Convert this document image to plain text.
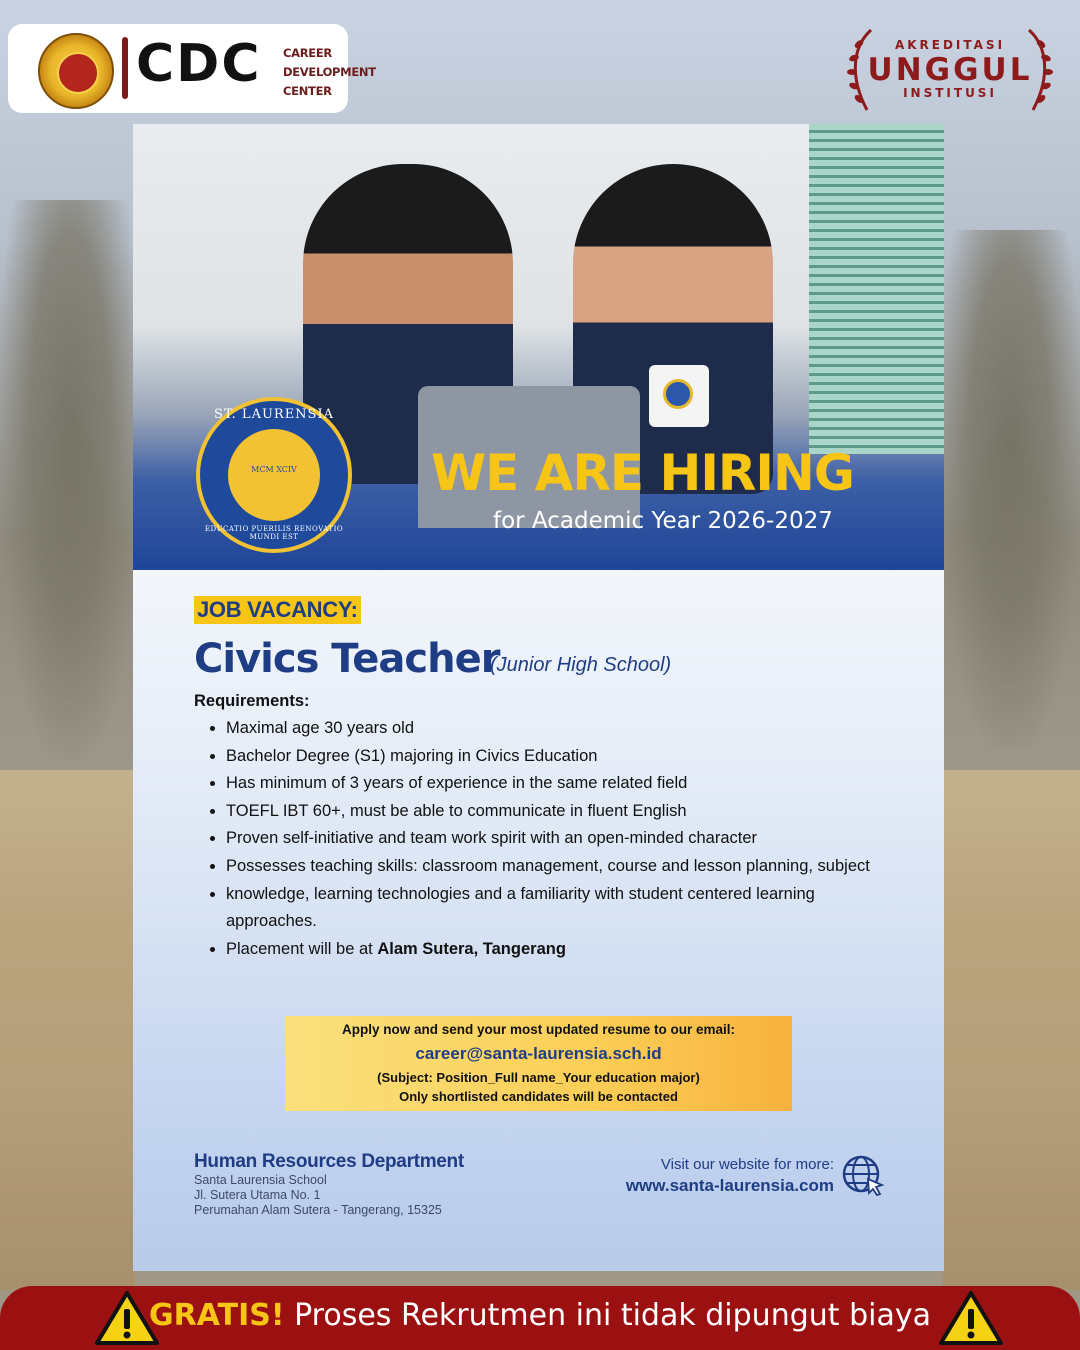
CDC CAREER
DEVELOPMENT
CENTER
AKREDITASI
UNGGUL
INSTITUSI
ST. LAURENSIA
MCM XCIV
EDUCATIO PUERILIS RENOVATIO MUNDI EST
WE ARE HIRING
for Academic Year 2026-2027
JOB VACANCY:
Civics Teacher
(Junior High School)
Requirements:
• Maximal age 30 years old
• Bachelor Degree (S1) majoring in Civics Education
• Has minimum of 3 years of experience in the same related field
• TOEFL IBT 60+, must be able to communicate in fluent English
• Proven self-initiative and team work spirit with an open-minded character
• Possesses teaching skills: classroom management, course and lesson planning, subject
• knowledge, learning technologies and a familiarity with student centered learning approaches.
• Placement will be at Alam Sutera, Tangerang
Apply now and send your most updated resume to our email:
career@santa-laurensia.sch.id
(Subject: Position_Full name_Your education major)
Only shortlisted candidates will be contacted
Human Resources Department
Santa Laurensia School
Jl. Sutera Utama No. 1
Perumahan Alam Sutera - Tangerang, 15325
Visit our website for more:
www.santa-laurensia.com
GRATIS! Proses Rekrutmen ini tidak dipungut biaya
